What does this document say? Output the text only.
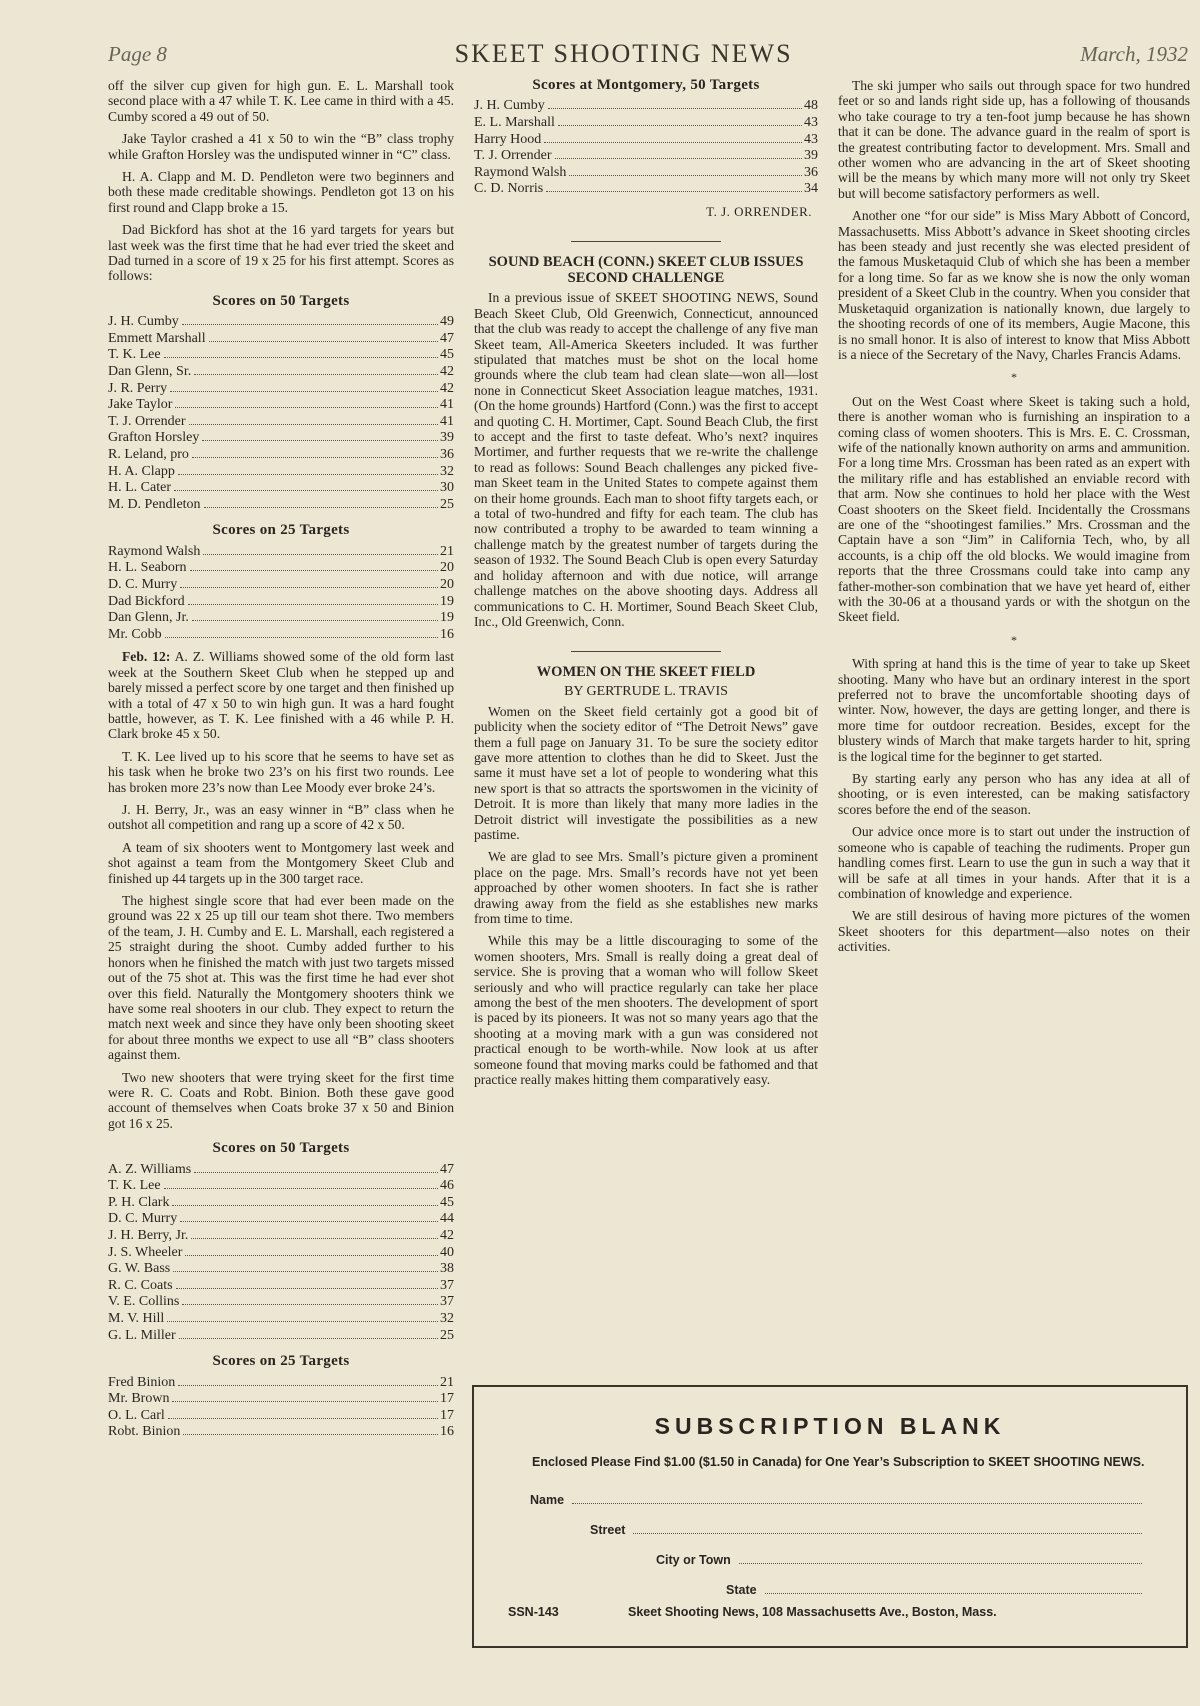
Page 8	SKEET SHOOTING NEWS	March, 1932

off the silver cup given for high gun. E. L. Marshall took second place with a 47 while T. K. Lee came in third with a 45. Cumby scored a 49 out of 50.

Jake Taylor crashed a 41 x 50 to win the “B” class trophy while Grafton Horsley was the undisputed winner in “C” class.

H. A. Clapp and M. D. Pendleton were two beginners and both these made creditable showings. Pendleton got 13 on his first round and Clapp broke a 15.

Dad Bickford has shot at the 16 yard targets for years but last week was the first time that he had ever tried the skeet and Dad turned in a score of 19 x 25 for his first attempt. Scores as follows:

Scores on 50 Targets
J. H. Cumby	49
Emmett Marshall	47
T. K. Lee	45
Dan Glenn, Sr.	42
J. R. Perry	42
Jake Taylor	41
T. J. Orrender	41
Grafton Horsley	39
R. Leland, pro	36
H. A. Clapp	32
H. L. Cater	30
M. D. Pendleton	25
Scores on 25 Targets
Raymond Walsh	21
H. L. Seaborn	20
D. C. Murry	20
Dad Bickford	19
Dan Glenn, Jr.	19
Mr. Cobb	16

Feb. 12: A. Z. Williams showed some of the old form last week at the Southern Skeet Club when he stepped up and barely missed a perfect score by one target and then finished up with a total of 47 x 50 to win high gun. It was a hard fought battle, however, as T. K. Lee finished with a 46 while P. H. Clark broke 45 x 50.

T. K. Lee lived up to his score that he seems to have set as his task when he broke two 23’s on his first two rounds. Lee has broken more 23’s now than Lee Moody ever broke 24’s.

J. H. Berry, Jr., was an easy winner in “B” class when he outshot all competition and rang up a score of 42 x 50.

A team of six shooters went to Montgomery last week and shot against a team from the Montgomery Skeet Club and finished up 44 targets up in the 300 target race.

The highest single score that had ever been made on the ground was 22 x 25 up till our team shot there. Two members of the team, J. H. Cumby and E. L. Marshall, each registered a 25 straight during the shoot. Cumby added further to his honors when he finished the match with just two targets missed out of the 75 shot at. This was the first time he had ever shot over this field. Naturally the Montgomery shooters think we have some real shooters in our club. They expect to return the match next week and since they have only been shooting skeet for about three months we expect to use all “B” class shooters against them.

Two new shooters that were trying skeet for the first time were R. C. Coats and Robt. Binion. Both these gave good account of themselves when Coats broke 37 x 50 and Binion got 16 x 25.

Scores on 50 Targets
A. Z. Williams	47
T. K. Lee	46
P. H. Clark	45
D. C. Murry	44
J. H. Berry, Jr.	42
J. S. Wheeler	40
G. W. Bass	38
R. C. Coats	37
V. E. Collins	37
M. V. Hill	32
G. L. Miller	25
Scores on 25 Targets
Fred Binion	21
Mr. Brown	17
O. L. Carl	17
Robt. Binion	16
Scores at Montgomery, 50 Targets
J. H. Cumby	48
E. L. Marshall	43
Harry Hood	43
T. J. Orrender	39
Raymond Walsh	36
C. D. Norris	34
T. J. ORRENDER.
SOUND BEACH (CONN.) SKEET CLUB ISSUES SECOND CHALLENGE

In a previous issue of SKEET SHOOTING NEWS, Sound Beach Skeet Club, Old Greenwich, Connecticut, announced that the club was ready to accept the challenge of any five man Skeet team, All-America Skeeters included. It was further stipulated that matches must be shot on the local home grounds where the club team had clean slate—won all—lost none in Connecticut Skeet Association league matches, 1931. (On the home grounds) Hartford (Conn.) was the first to accept and quoting C. H. Mortimer, Capt. Sound Beach Club, the first to accept and the first to taste defeat. Who’s next? inquires Mortimer, and further requests that we re-write the challenge to read as follows: Sound Beach challenges any picked five-man Skeet team in the United States to compete against them on their home grounds. Each man to shoot fifty targets each, or a total of two-hundred and fifty for each team. The club has now contributed a trophy to be awarded to team winning a challenge match by the greatest number of targets during the season of 1932. The Sound Beach Club is open every Saturday and holiday afternoon and with due notice, will arrange challenge matches on the above shooting days. Address all communications to C. H. Mortimer, Sound Beach Skeet Club, Inc., Old Greenwich, Conn.

WOMEN ON THE SKEET FIELD
BY GERTRUDE L. TRAVIS

Women on the Skeet field certainly got a good bit of publicity when the society editor of “The Detroit News” gave them a full page on January 31. To be sure the society editor gave more attention to clothes than he did to Skeet. Just the same it must have set a lot of people to wondering what this new sport is that so attracts the sportswomen in the vicinity of Detroit. It is more than likely that many more ladies in the Detroit district will investigate the possibilities as a new pastime.

We are glad to see Mrs. Small’s picture given a prominent place on the page. Mrs. Small’s records have not yet been approached by other women shooters. In fact she is rather drawing away from the field as she establishes new marks from time to time.

While this may be a little discouraging to some of the women shooters, Mrs. Small is really doing a great deal of service. She is proving that a woman who will follow Skeet seriously and who will practice regularly can take her place among the best of the men shooters. The development of sport is paced by its pioneers. It was not so many years ago that the shooting at a moving mark with a gun was considered not practical enough to be worth-while. Now look at us after someone found that moving marks could be fathomed and that practice really makes hitting them comparatively easy.

The ski jumper who sails out through space for two hundred feet or so and lands right side up, has a following of thousands who take courage to try a ten-foot jump because he has shown that it can be done. The advance guard in the realm of sport is the greatest contributing factor to development. Mrs. Small and other women who are advancing in the art of Skeet shooting will be the means by which many more will not only try Skeet but will become satisfactory performers as well.

Another one “for our side” is Miss Mary Abbott of Concord, Massachusetts. Miss Abbott’s advance in Skeet shooting circles has been steady and just recently she was elected president of the famous Musketaquid Club of which she has been a member for a long time. So far as we know she is now the only woman president of a Skeet Club in the country. When you consider that Musketaquid organization is nationally known, due largely to the shooting records of one of its members, Augie Macone, this is no small honor. It is also of interest to know that Miss Abbott is a niece of the Secretary of the Navy, Charles Francis Adams.

*

Out on the West Coast where Skeet is taking such a hold, there is another woman who is furnishing an inspiration to a coming class of women shooters. This is Mrs. E. C. Crossman, wife of the nationally known authority on arms and ammunition. For a long time Mrs. Crossman has been rated as an expert with the military rifle and has established an enviable record with that arm. Now she continues to hold her place with the West Coast shooters on the Skeet field. Incidentally the Crossmans are one of the “shootingest families.” Mrs. Crossman and the Captain have a son “Jim” in California Tech, who, by all accounts, is a chip off the old blocks. We would imagine from reports that the three Crossmans could take into camp any father-mother-son combination that we have yet heard of, either with the 30-06 at a thousand yards or with the shotgun on the Skeet field.

*

With spring at hand this is the time of year to take up Skeet shooting. Many who have but an ordinary interest in the sport preferred not to brave the uncomfortable shooting days of winter. Now, however, the days are getting longer, and there is more time for outdoor recreation. Besides, except for the blustery winds of March that make targets harder to hit, spring is the logical time for the beginner to get started.

By starting early any person who has any idea at all of shooting, or is even interested, can be making satisfactory scores before the end of the season.

Our advice once more is to start out under the instruction of someone who is capable of teaching the rudiments. Proper gun handling comes first. Learn to use the gun in such a way that it will be safe at all times in your hands. After that it is a combination of knowledge and experience.

We are still desirous of having more pictures of the women Skeet shooters for this department—also notes on their activities.

SUBSCRIPTION BLANK
Enclosed Please Find $1.00 ($1.50 in Canada) for One Year’s Subscription to SKEET SHOOTING NEWS.
Name
Street
City or Town
State
SSN-143	Skeet Shooting News, 108 Massachusetts Ave., Boston, Mass.
